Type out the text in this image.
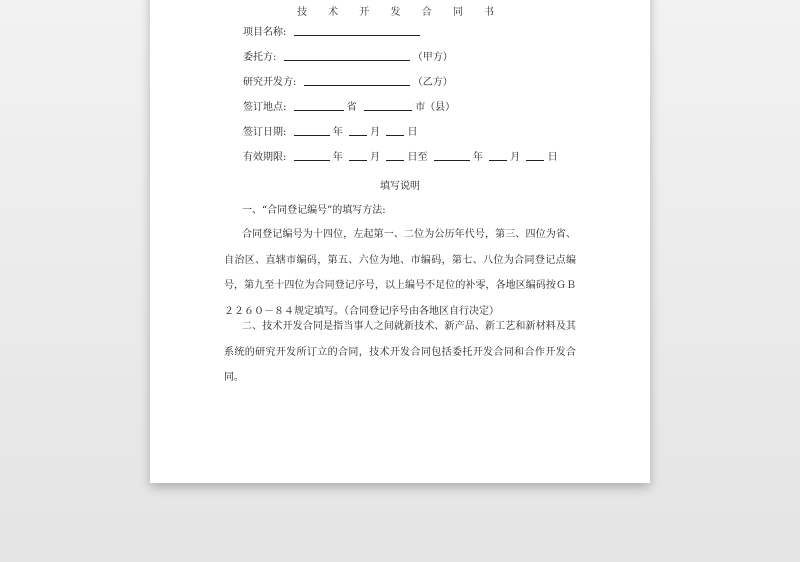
技 术 开 发 合 同 书
项目名称:
委托方:	（甲方）
研究开发方:	（乙方）
签订地点:	省	市（县）
签订日期:	年	月	日
有效期限:	年	月	日至	年	月	日
填写说明
一、“合同登记编号”的填写方法:
合同登记编号为十四位，左起第一、二位为公历年代号，第三、四位为省、自治区、直辖市编码，第五、六位为地、市编码，第七、八位为合同登记点编号，第九至十四位为合同登记序号，以上编号不足位的补零，各地区编码按ＧＢ２２６０－８４规定填写。（合同登记序号由各地区自行决定）
二、技术开发合同是指当事人之间就新技术、新产品、新工艺和新材料及其系统的研究开发所订立的合同，技术开发合同包括委托开发合同和合作开发合同。
